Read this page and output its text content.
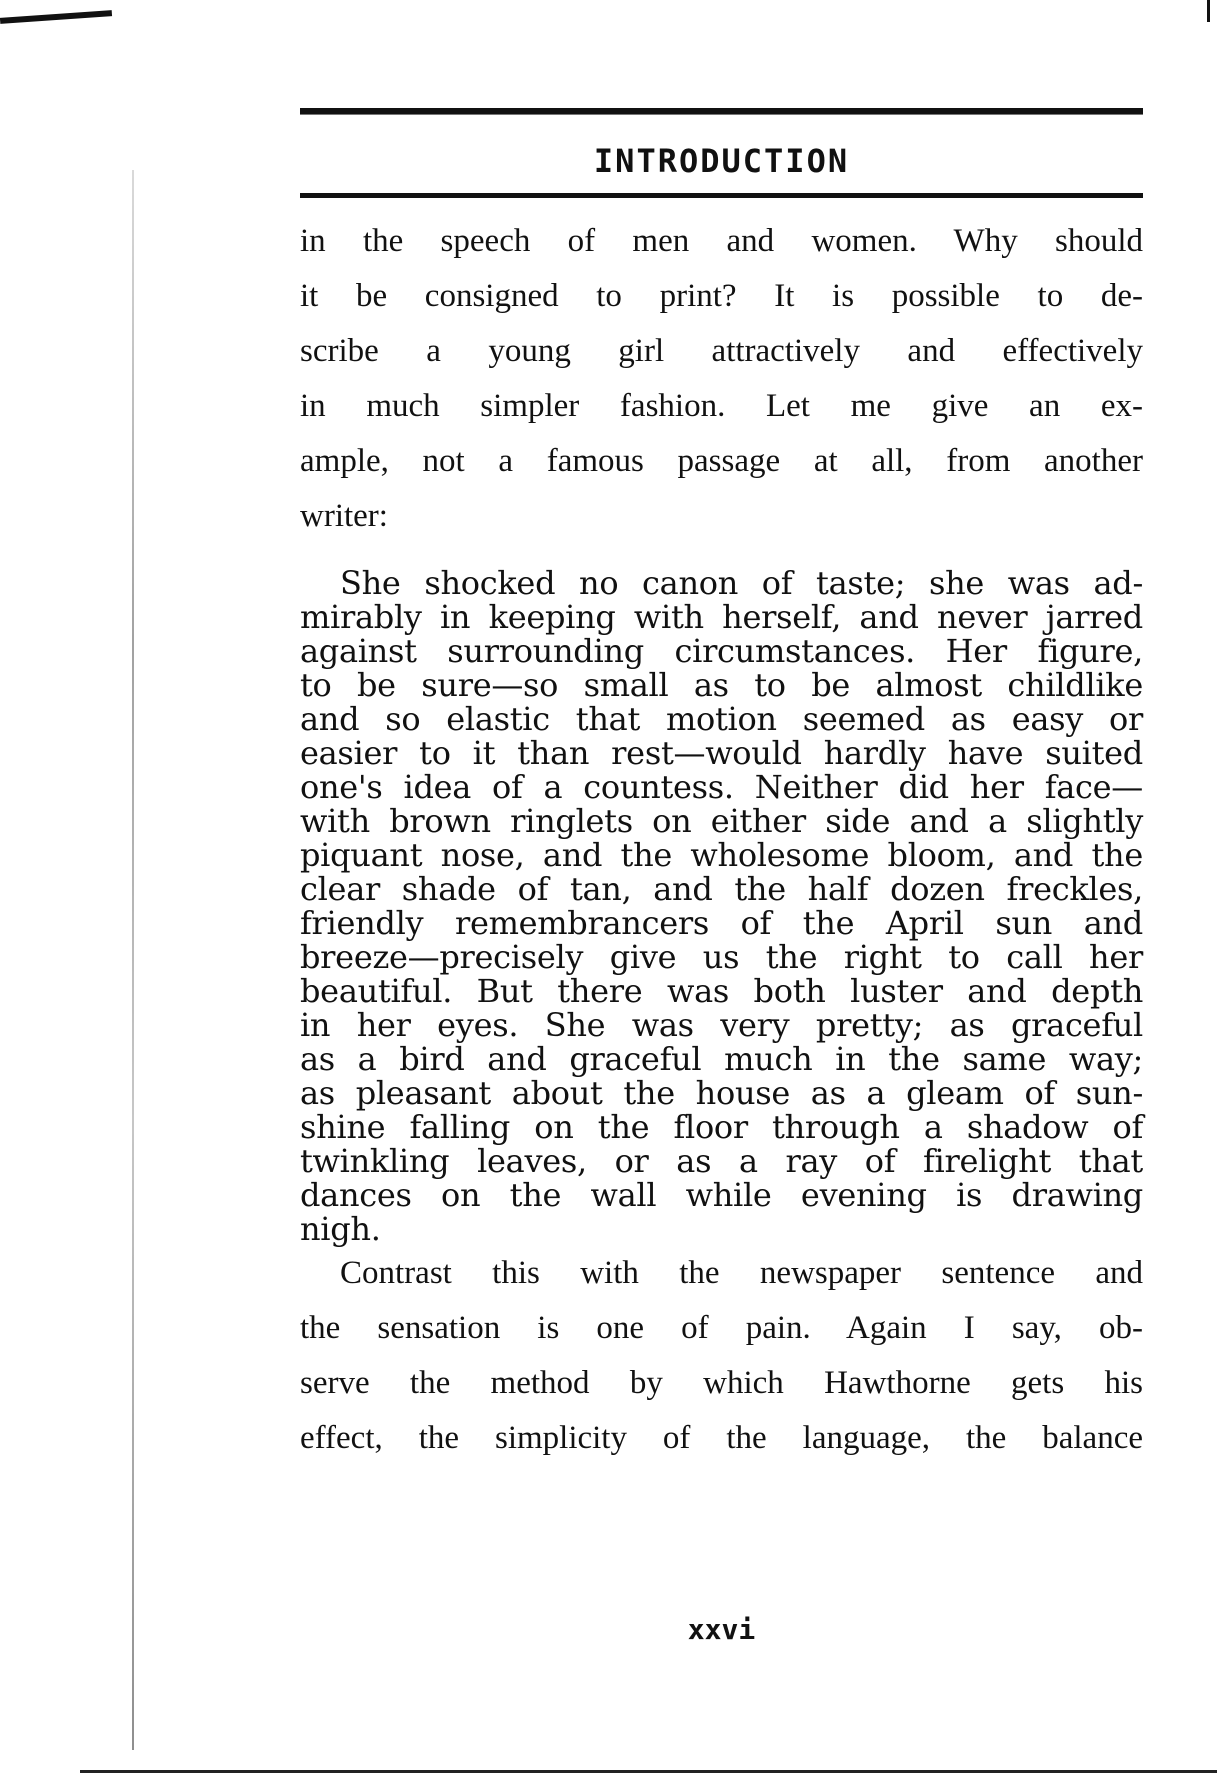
INTRODUCTION

in the speech of men and women. Why should
it be consigned to print? It is possible to de-
scribe a young girl attractively and effectively
in much simpler fashion. Let me give an ex-
ample, not a famous passage at all, from another
writer:

She shocked no canon of taste; she was ad-
mirably in keeping with herself, and never jarred
against surrounding circumstances. Her figure,
to be sure—so small as to be almost childlike
and so elastic that motion seemed as easy or
easier to it than rest—would hardly have suited
one's idea of a countess. Neither did her face—
with brown ringlets on either side and a slightly
piquant nose, and the wholesome bloom, and the
clear shade of tan, and the half dozen freckles,
friendly remembrancers of the April sun and
breeze—precisely give us the right to call her
beautiful. But there was both luster and depth
in her eyes. She was very pretty; as graceful
as a bird and graceful much in the same way;
as pleasant about the house as a gleam of sun-
shine falling on the floor through a shadow of
twinkling leaves, or as a ray of firelight that
dances on the wall while evening is drawing
nigh.

Contrast this with the newspaper sentence and
the sensation is one of pain. Again I say, ob-
serve the method by which Hawthorne gets his
effect, the simplicity of the language, the balance

xxvi
